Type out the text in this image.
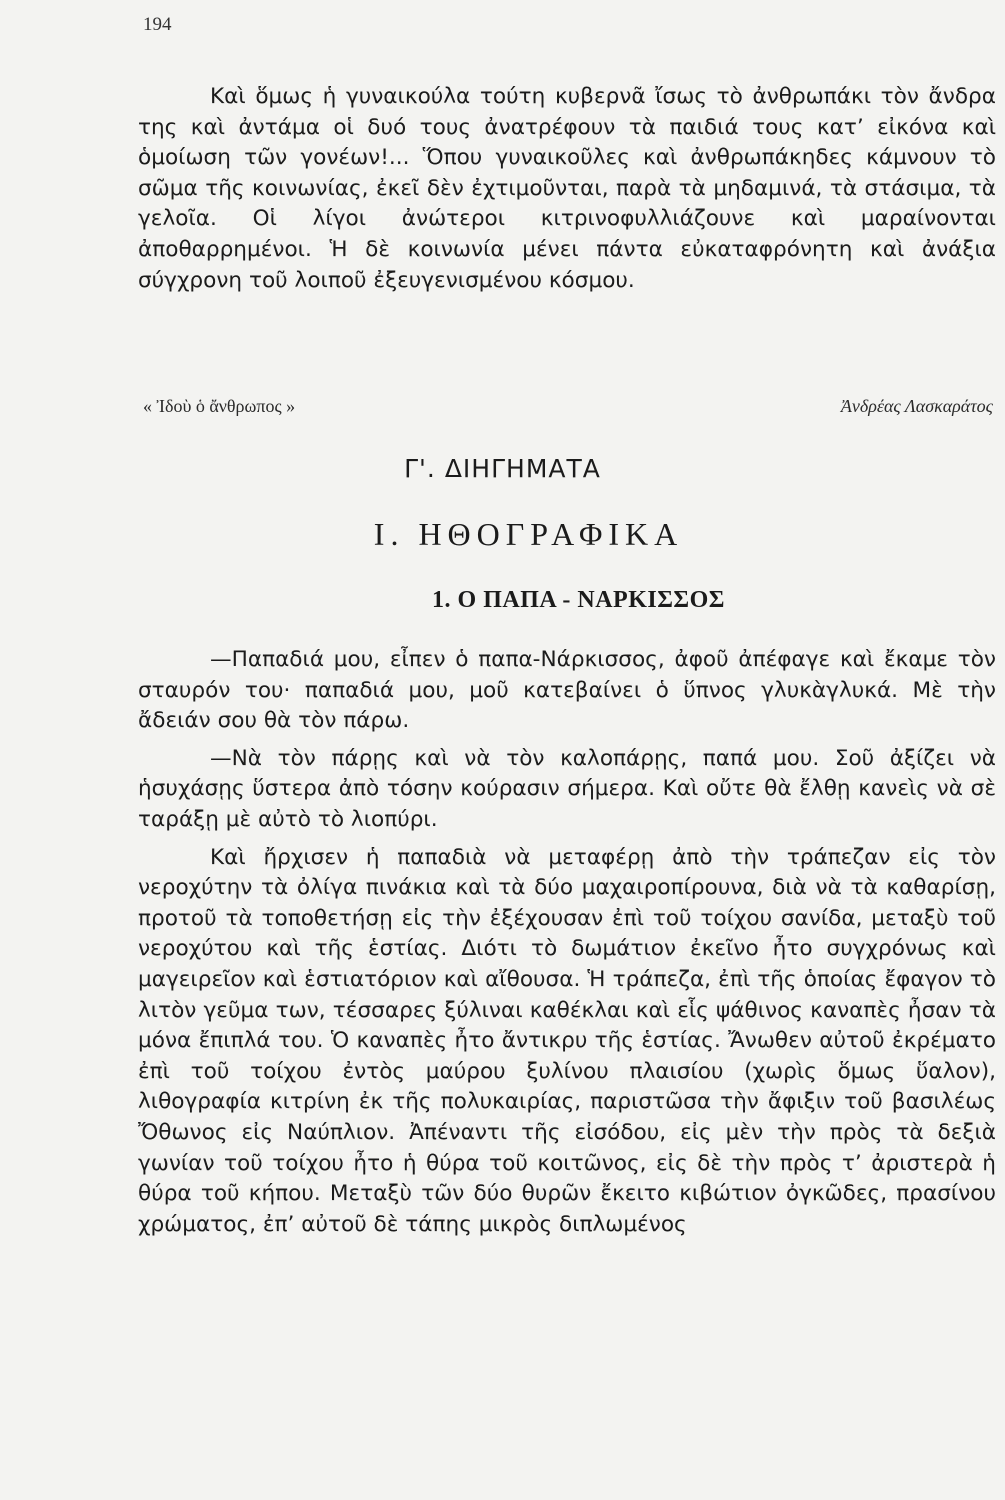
194

Καὶ ὅμως ἡ γυναικούλα τούτη κυβερνᾶ ἴσως τὸ ἀνθρωπάκι τὸν ἄνδρα της καὶ ἀντάμα οἱ δυό τους ἀνατρέφουν τὰ παιδιά τους κατ’ εἰκόνα καὶ ὁμοίωση τῶν γονέων!... Ὅπου γυναικοῦλες καὶ ἀνθρωπάκηδες κάμνουν τὸ σῶμα τῆς κοινωνίας, ἐκεῖ δὲν ἐχτιμοῦνται, παρὰ τὰ μηδαμινά, τὰ στάσιμα, τὰ γελοῖα. Οἱ λίγοι ἀνώτεροι κιτρινοφυλλιάζουνε καὶ μαραίνονται ἀποθαρρημένοι. Ἡ δὲ κοινωνία μένει πάντα εὐκαταφρόνητη καὶ ἀνάξια σύγχρονη τοῦ λοιποῦ ἐξευγενισμένου κόσμου.

« Ἰδοὺ ὁ ἄνθρωπος »	Ἀνδρέας Λασκαράτος
Γ'. ΔΙΗΓΗΜΑΤΑ
Ι. ΗΘΟΓΡΑΦΙΚΑ
1. Ο ΠΑΠΑ - ΝΑΡΚΙΣΣΟΣ

—Παπαδιά μου, εἶπεν ὁ παπα-Νάρκισσος, ἀφοῦ ἀπέφαγε καὶ ἔκαμε τὸν σταυρόν του· παπαδιά μου, μοῦ κατεβαίνει ὁ ὕπνος γλυκὰγλυκά. Μὲ τὴν ἄδειάν σου θὰ τὸν πάρω.

—Νὰ τὸν πάρῃς καὶ νὰ τὸν καλοπάρῃς, παπά μου. Σοῦ ἀξίζει νὰ ἡσυχάσῃς ὕστερα ἀπὸ τόσην κούρασιν σήμερα. Καὶ οὔτε θὰ ἔλθῃ κανεὶς νὰ σὲ ταράξῃ μὲ αὐτὸ τὸ λιοπύρι.

Καὶ ἤρχισεν ἡ παπαδιὰ νὰ μεταφέρῃ ἀπὸ τὴν τράπεζαν εἰς τὸν νεροχύτην τὰ ὀλίγα πινάκια καὶ τὰ δύο μαχαιροπίρουνα, διὰ νὰ τὰ καθαρίσῃ, προτοῦ τὰ τοποθετήσῃ εἰς τὴν ἐξέχουσαν ἐπὶ τοῦ τοίχου σανίδα, μεταξὺ τοῦ νεροχύτου καὶ τῆς ἑστίας. Διότι τὸ δωμάτιον ἐκεῖνο ἦτο συγχρόνως καὶ μαγειρεῖον καὶ ἑστιατόριον καὶ αἴθουσα. Ἡ τράπεζα, ἐπὶ τῆς ὁποίας ἔφαγον τὸ λιτὸν γεῦμα των, τέσσαρες ξύλιναι καθέκλαι καὶ εἷς ψάθινος καναπὲς ἦσαν τὰ μόνα ἔπιπλά του. Ὁ καναπὲς ἦτο ἄντικρυ τῆς ἑστίας. Ἄνωθεν αὐτοῦ ἐκρέματο ἐπὶ τοῦ τοίχου ἐντὸς μαύρου ξυλίνου πλαισίου (χωρὶς ὅμως ὕαλον), λιθογραφία κιτρίνη ἐκ τῆς πολυκαιρίας, παριστῶσα τὴν ἄφιξιν τοῦ βασιλέως Ὄθωνος εἰς Ναύπλιον. Ἀπέναντι τῆς εἰσόδου, εἰς μὲν τὴν πρὸς τὰ δεξιὰ γωνίαν τοῦ τοίχου ἦτο ἡ θύρα τοῦ κοιτῶνος, εἰς δὲ τὴν πρὸς τ’ ἀριστερὰ ἡ θύρα τοῦ κήπου. Μεταξὺ τῶν δύο θυρῶν ἔκειτο κιβώτιον ὀγκῶδες, πρασίνου χρώματος, ἐπ’ αὐτοῦ δὲ τάπης μικρὸς διπλωμένος
